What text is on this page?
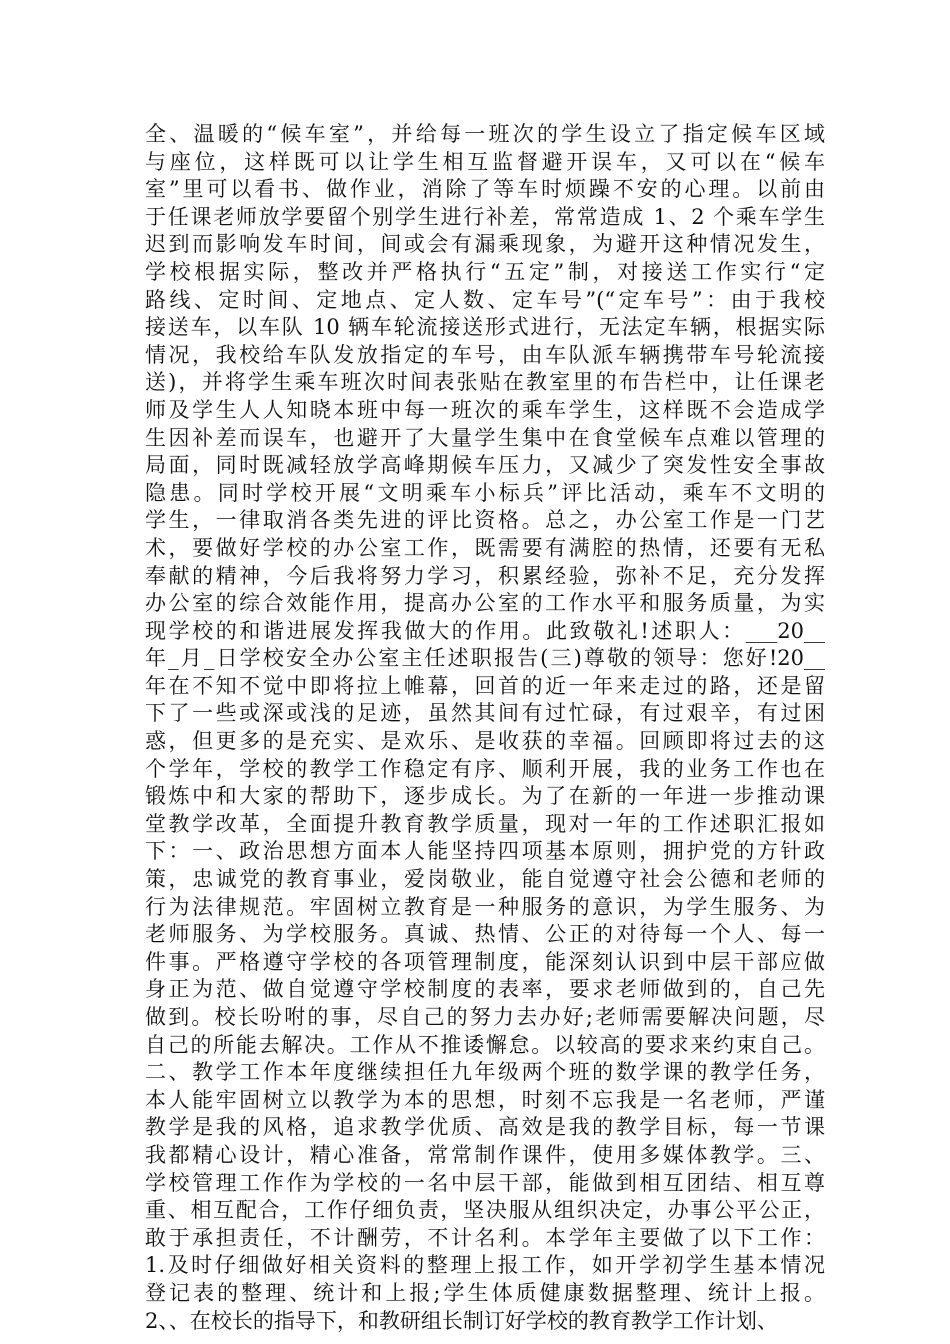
全、温暖的“候车室”，并给每一班次的学生设立了指定候车区域
与座位，这样既可以让学生相互监督避开误车，又可以在“候车
室”里可以看书、做作业，消除了等车时烦躁不安的心理。以前由
于任课老师放学要留个别学生进行补差，常常造成 1、2 个乘车学生
迟到而影响发车时间，间或会有漏乘现象，为避开这种情况发生，
学校根据实际，整改并严格执行“五定”制，对接送工作实行“定
路线、定时间、定地点、定人数、定车号”(“定车号”：由于我校
接送车，以车队 10 辆车轮流接送形式进行，无法定车辆，根据实际
情况，我校给车队发放指定的车号，由车队派车辆携带车号轮流接
送)，并将学生乘车班次时间表张贴在教室里的布告栏中，让任课老
师及学生人人知晓本班中每一班次的乘车学生，这样既不会造成学
生因补差而误车，也避开了大量学生集中在食堂候车点难以管理的
局面，同时既减轻放学高峰期候车压力，又减少了突发性安全事故
隐患。同时学校开展“文明乘车小标兵”评比活动，乘车不文明的
学生，一律取消各类先进的评比资格。总之，办公室工作是一门艺
术，要做好学校的办公室工作，既需要有满腔的热情，还要有无私
奉献的精神，今后我将努力学习，积累经验，弥补不足，充分发挥
办公室的综合效能作用，提高办公室的工作水平和服务质量，为实
现学校的和谐进展发挥我做大的作用。此致敬礼!述职人：___20__
年_月_日学校安全办公室主任述职报告(三)尊敬的领导：您好!20__
年在不知不觉中即将拉上帷幕，回首的近一年来走过的路，还是留
下了一些或深或浅的足迹，虽然其间有过忙碌，有过艰辛，有过困
惑，但更多的是充实、是欢乐、是收获的幸福。回顾即将过去的这
个学年，学校的教学工作稳定有序、顺利开展，我的业务工作也在
锻炼中和大家的帮助下，逐步成长。为了在新的一年进一步推动课
堂教学改革，全面提升教育教学质量，现对一年的工作述职汇报如
下：一、政治思想方面本人能坚持四项基本原则，拥护党的方针政
策，忠诚党的教育事业，爱岗敬业，能自觉遵守社会公德和老师的
行为法律规范。牢固树立教育是一种服务的意识，为学生服务、为
老师服务、为学校服务。真诚、热情、公正的对待每一个人、每一
件事。严格遵守学校的各项管理制度，能深刻认识到中层干部应做
身正为范、做自觉遵守学校制度的表率，要求老师做到的，自己先
做到。校长吩咐的事，尽自己的努力去办好;老师需要解决问题，尽
自己的所能去解决。工作从不推诿懈怠。以较高的要求来约束自己。
二、教学工作本年度继续担任九年级两个班的数学课的教学任务，
本人能牢固树立以教学为本的思想，时刻不忘我是一名老师，严谨
教学是我的风格，追求教学优质、高效是我的教学目标，每一节课
我都精心设计，精心准备，常常制作课件，使用多媒体教学。三、
学校管理工作作为学校的一名中层干部，能做到相互团结、相互尊
重、相互配合，工作仔细负责，坚决服从组织决定，办事公平公正，
敢于承担责任，不计酬劳，不计名利。本学年主要做了以下工作：
1.及时仔细做好相关资料的整理上报工作，如开学初学生基本情况
登记表的整理、统计和上报;学生体质健康数据整理、统计上报。
2、、在校长的指导下，和教研组长制订好学校的教育教学工作计划、
